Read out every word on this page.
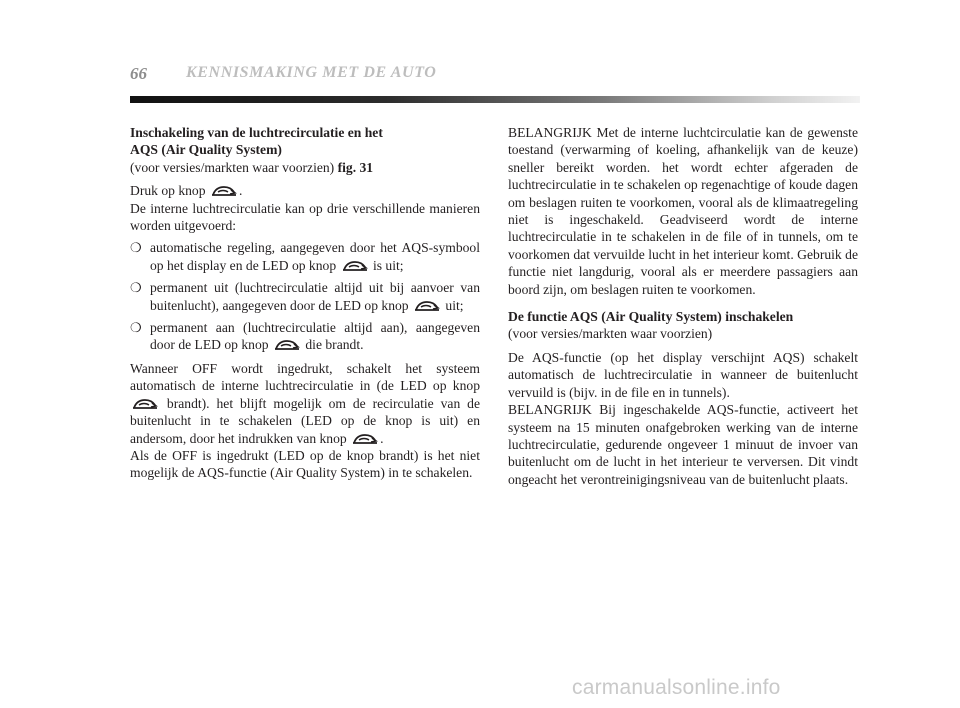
66 KENNISMAKING MET DE AUTO

Inschakeling van de luchtrecirculatie en het
AQS (Air Quality System)

(voor versies/markten waar voorzien) fig. 31

Druk op knop .

De interne luchtrecirculatie kan op drie verschillende manieren worden uitgevoerd:

❍ automatische regeling, aangegeven door het AQS-symbool op het display en de LED op knop	is uit;
❍ permanent uit (luchtrecirculatie altijd uit bij aanvoer van buitenlucht), aangegeven door de LED op knop	uit;
❍ permanent aan (luchtrecirculatie altijd aan), aangegeven door de LED op knop	die brandt.

Wanneer OFF wordt ingedrukt, schakelt het systeem automatisch de interne luchtrecirculatie in (de LED op knop  brandt). het blijft mogelijk om de recirculatie van de buitenlucht in te schakelen (LED op de knop is uit) en andersom, door het indrukken van knop .

Als de OFF is ingedrukt (LED op de knop brandt) is het niet mogelijk de AQS-functie (Air Quality System) in te schakelen.

BELANGRIJK Met de interne luchtcirculatie kan de gewenste toestand (verwarming of koeling, afhankelijk van de keuze) sneller bereikt worden. het wordt echter afgeraden de luchtrecirculatie in te schakelen op regenachtige of koude dagen om beslagen ruiten te voorkomen, vooral als de klimaatregeling niet is ingeschakeld. Geadviseerd wordt de interne luchtrecirculatie in te schakelen in de file of in tunnels, om te voorkomen dat vervuilde lucht in het interieur komt. Gebruik de functie niet langdurig, vooral als er meerdere passagiers aan boord zijn, om beslagen ruiten te voorkomen.

De functie AQS (Air Quality System) inschakelen

(voor versies/markten waar voorzien)

De AQS-functie (op het display verschijnt AQS) schakelt automatisch de luchtrecirculatie in wanneer de buitenlucht vervuild is (bijv. in de file en in tunnels).

BELANGRIJK Bij ingeschakelde AQS-functie, activeert het systeem na 15 minuten onafgebroken werking van de interne luchtrecirculatie, gedurende ongeveer 1 minuut de invoer van buitenlucht om de lucht in het interieur te verversen. Dit vindt ongeacht het verontreinigingsniveau van de buitenlucht plaats.

carmanualsonline.info
